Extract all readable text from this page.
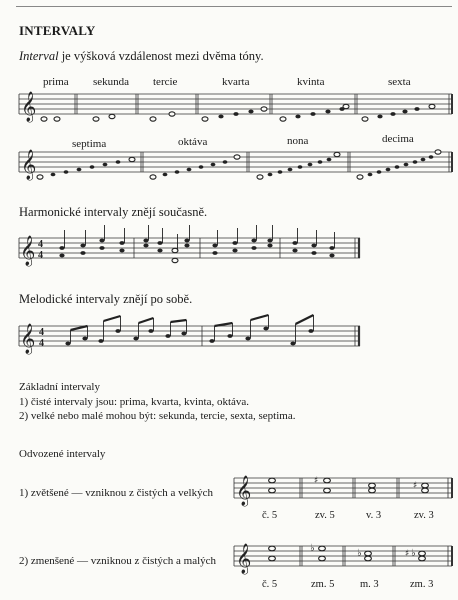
INTERVALY
Interval je výšková vzdálenost mezi dvěma tóny.
prima sekunda tercie	kvarta	kvinta	sexta
𝄞
septima	oktáva	nona	decima
𝄞
Harmonické intervaly znějí současně.
𝄞 4
4
Melodické intervaly znějí po sobě.
𝄞 4
4
Základní intervaly
1) čisté intervaly jsou: prima, kvarta, kvinta, oktáva.
2) velké nebo malé mohou být: sekunda, tercie, sexta, septima.
Odvozené intervaly
1) zvětšené — vzniknou z čistých a velkých 𝄞	♯	♯
č. 5	zv. 5	v. 3	zv. 3
2) zmenšené — vzniknou z čistých a malých 𝄞	♭	♭	♯ ♭
č. 5	zm. 5 m. 3	zm. 3
